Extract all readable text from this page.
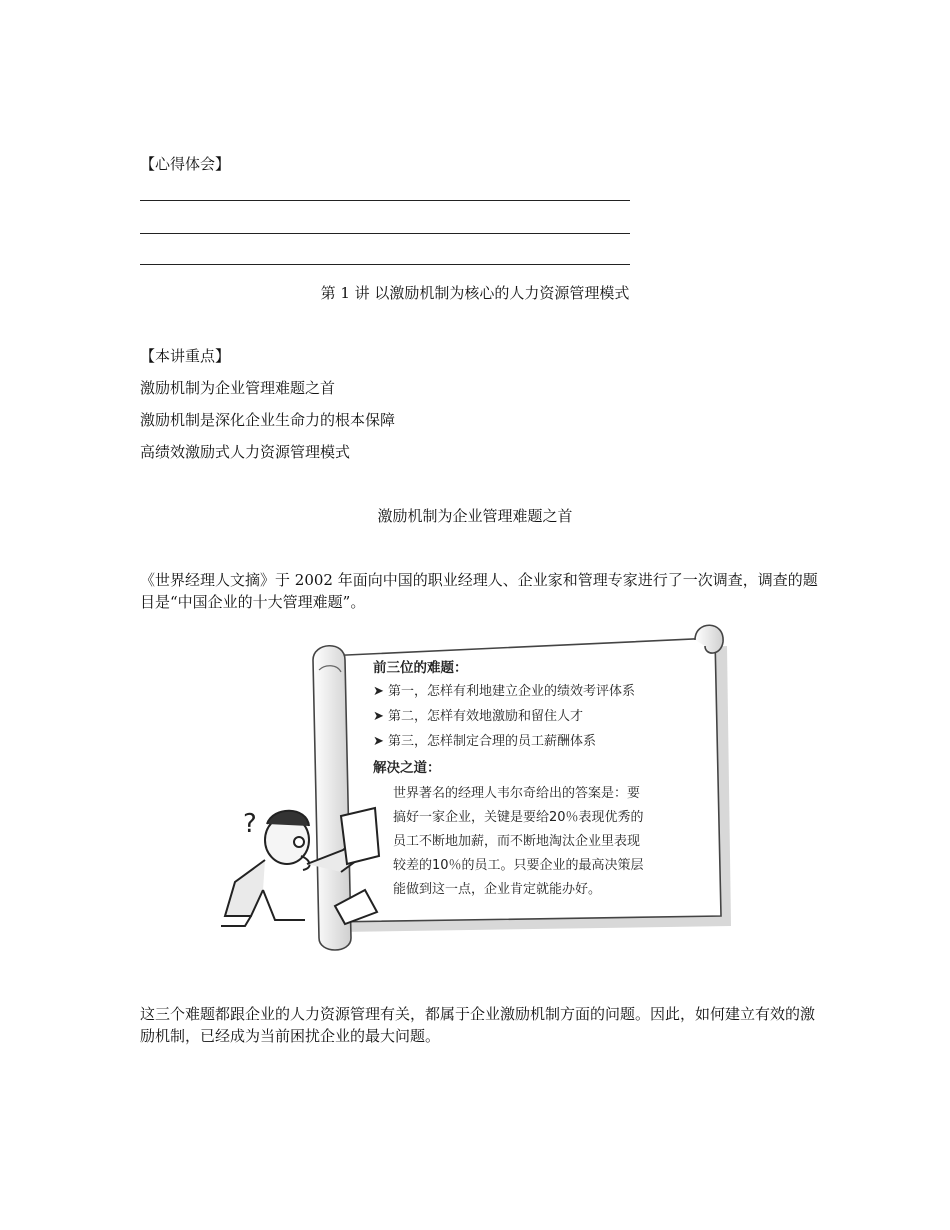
【心得体会】
第 1 讲 以激励机制为核心的人力资源管理模式
【本讲重点】
激励机制为企业管理难题之首
激励机制是深化企业生命力的根本保障
高绩效激励式人力资源管理模式
激励机制为企业管理难题之首
《世界经理人文摘》于 2002 年面向中国的职业经理人、企业家和管理专家进行了一次调查，调查的题目是“中国企业的十大管理难题”。
?
前三位的难题：
➤ 第一，怎样有利地建立企业的绩效考评体系
➤ 第二，怎样有效地激励和留住人才
➤ 第三，怎样制定合理的员工薪酬体系
解决之道：
世界著名的经理人韦尔奇给出的答案是：要
搞好一家企业，关键是要给20％表现优秀的
员工不断地加薪，而不断地淘汰企业里表现
较差的10％的员工。只要企业的最高决策层
能做到这一点，企业肯定就能办好。
这三个难题都跟企业的人力资源管理有关，都属于企业激励机制方面的问题。因此，如何建立有效的激励机制，已经成为当前困扰企业的最大问题。
